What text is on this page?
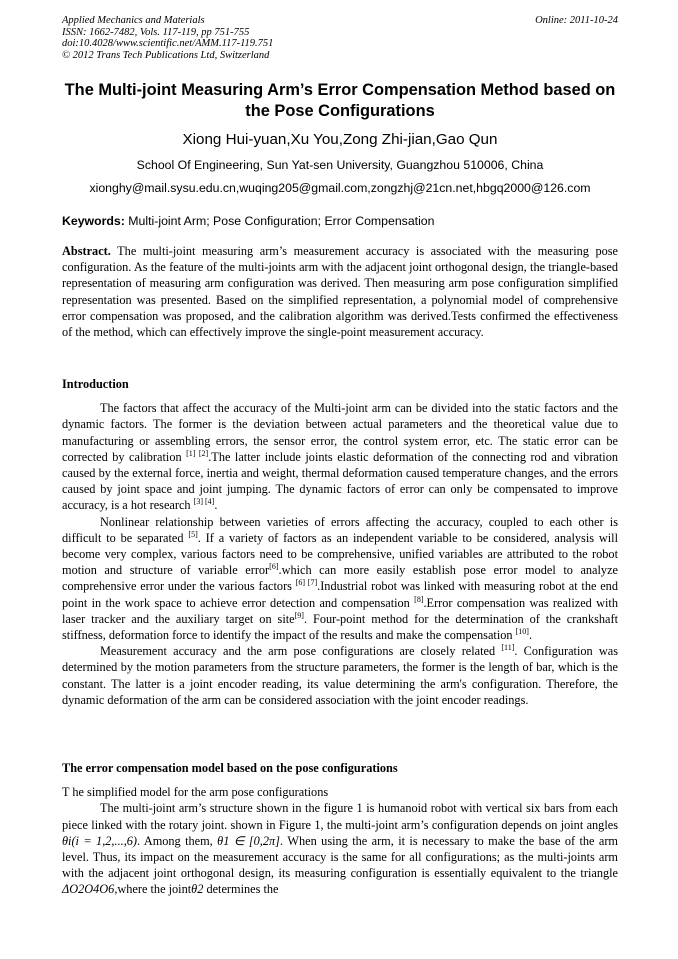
Applied Mechanics and Materials
ISSN: 1662-7482, Vols. 117-119, pp 751-755
doi:10.4028/www.scientific.net/AMM.117-119.751
© 2012 Trans Tech Publications Ltd, Switzerland
Online: 2011-10-24
The Multi-joint Measuring Arm’s Error Compensation Method based on the Pose Configurations
Xiong Hui-yuan,Xu You,Zong Zhi-jian,Gao Qun
School Of Engineering, Sun Yat-sen University, Guangzhou 510006, China
xionghy@mail.sysu.edu.cn,wuqing205@gmail.com,zongzhj@21cn.net,hbgq2000@126.com
Keywords: Multi-joint Arm; Pose Configuration; Error Compensation

Abstract. The multi-joint measuring arm’s measurement accuracy is associated with the measuring pose configuration. As the feature of the multi-joints arm with the adjacent joint orthogonal design, the triangle-based representation of measuring arm configuration was derived. Then measuring arm pose configuration simplified representation was presented. Based on the simplified representation, a polynomial model of comprehensive error compensation was proposed, and the calibration algorithm was derived.Tests confirmed the effectiveness of the method, which can effectively improve the single-point measurement accuracy.

Introduction

The factors that affect the accuracy of the Multi-joint arm can be divided into the static factors and the dynamic factors. The former is the deviation between actual parameters and the theoretical value due to manufacturing or assembling errors, the sensor error, the control system error, etc. The static error can be corrected by calibration [1] [2].The latter include joints elastic deformation of the connecting rod and vibration caused by the external force, inertia and weight, thermal deformation caused temperature changes, and the errors caused by joint space and joint jumping. The dynamic factors of error can only be compensated to improve accuracy, is a hot research [3] [4].

Nonlinear relationship between varieties of errors affecting the accuracy, coupled to each other is difficult to be separated [5]. If a variety of factors as an independent variable to be considered, analysis will become very complex, various factors need to be comprehensive, unified variables are attributed to the robot motion and structure of variable error[6].which can more easily establish pose error model to analyze comprehensive error under the various factors [6] [7].Industrial robot was linked with measuring robot at the end point in the work space to achieve error detection and compensation [8].Error compensation was realized with laser tracker and the auxiliary target on site[9]. Four-point method for the determination of the crankshaft stiffness, deformation force to identify the impact of the results and make the compensation [10].

Measurement accuracy and the arm pose configurations are closely related [11]. Configuration was determined by the motion parameters from the structure parameters, the former is the length of bar, which is the constant. The latter is a joint encoder reading, its value determining the arm's configuration. Therefore, the dynamic deformation of the arm can be considered association with the joint encoder readings.

The error compensation model based on the pose configurations

T he simplified model for the arm pose configurations

The multi-joint arm’s structure shown in the figure 1 is humanoid robot with vertical six bars from each piece linked with the rotary joint. shown in Figure 1, the multi-joint arm’s configuration depends on joint angles θi(i = 1,2,...,6). Among them, θ1 ∈ [0,2π]. When using the arm, it is necessary to make the base of the arm level. Thus, its impact on the measurement accuracy is the same for all configurations; as the multi-joints arm with the adjacent joint orthogonal design, its measuring configuration is essentially equivalent to the triangle ΔO2O4O6,where the jointθ2 determines the
